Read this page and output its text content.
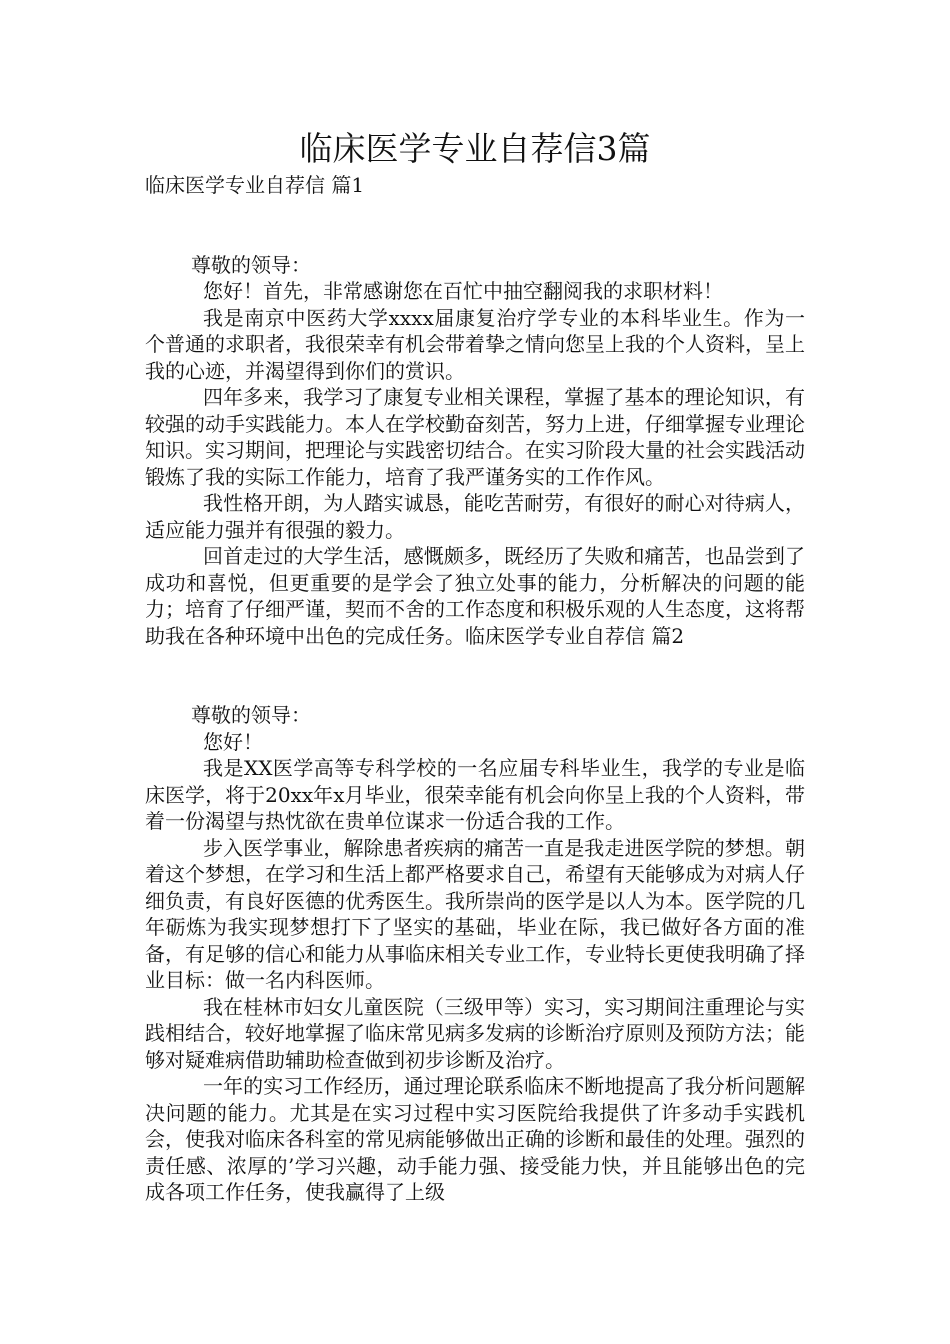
临床医学专业自荐信3篇

临床医学专业自荐信 篇1

尊敬的领导：

您好！首先，非常感谢您在百忙中抽空翻阅我的求职材料！

我是南京中医药大学xxxx届康复治疗学专业的本科毕业生。作为一个普通的求职者，我很荣幸有机会带着挚之情向您呈上我的个人资料，呈上我的心迹，并渴望得到你们的赏识。

四年多来，我学习了康复专业相关课程，掌握了基本的理论知识，有较强的动手实践能力。本人在学校勤奋刻苦，努力上进，仔细掌握专业理论知识。实习期间，把理论与实践密切结合。在实习阶段大量的社会实践活动锻炼了我的实际工作能力，培育了我严谨务实的工作作风。

我性格开朗，为人踏实诚恳，能吃苦耐劳，有很好的耐心对待病人，适应能力强并有很强的毅力。

回首走过的大学生活，感慨颇多，既经历了失败和痛苦，也品尝到了成功和喜悦，但更重要的是学会了独立处事的能力，分析解决的问题的能力；培育了仔细严谨，契而不舍的工作态度和积极乐观的人生态度，这将帮助我在各种环境中出色的完成任务。临床医学专业自荐信 篇2

尊敬的领导：

您好！

我是XX医学高等专科学校的一名应届专科毕业生，我学的专业是临床医学，将于20xx年x月毕业，很荣幸能有机会向你呈上我的个人资料，带着一份渴望与热忱欲在贵单位谋求一份适合我的工作。

步入医学事业，解除患者疾病的痛苦一直是我走进医学院的梦想。朝着这个梦想，在学习和生活上都严格要求自己，希望有天能够成为对病人仔细负责，有良好医德的优秀医生。我所崇尚的医学是以人为本。医学院的几年砺炼为我实现梦想打下了坚实的基础，毕业在际，我已做好各方面的准备，有足够的信心和能力从事临床相关专业工作，专业特长更使我明确了择业目标：做一名内科医师。

我在桂林市妇女儿童医院（三级甲等）实习，实习期间注重理论与实践相结合，较好地掌握了临床常见病多发病的诊断治疗原则及预防方法；能够对疑难病借助辅助检查做到初步诊断及治疗。

一年的实习工作经历，通过理论联系临床不断地提高了我分析问题解决问题的能力。尤其是在实习过程中实习医院给我提供了许多动手实践机会，使我对临床各科室的常见病能够做出正确的诊断和最佳的处理。强烈的责任感、浓厚的’学习兴趣，动手能力强、接受能力快，并且能够出色的完成各项工作任务，使我赢得了上级
